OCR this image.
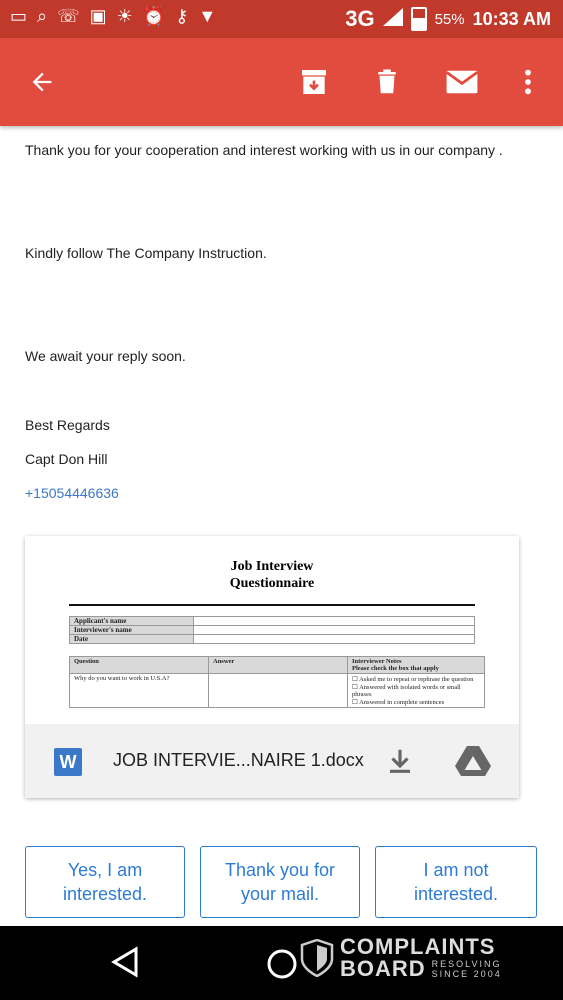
▭ ⌕ ☏ ▣ ☀ ⏰ ⚷ ▼	3G	55% 10:33 AM
Thank you for your cooperation and interest working with us in our company .
Kindly follow The Company Instruction.
We await your reply soon.
Best Regards
Capt Don Hill
+15054446636
Job Interview
Questionnaire
Applicant's name	
Interviewer's name	
Date	
Question	Answer	Interviewer Notes
Please check the box that apply

Why do you want to work in U.S.A?		☐ Asked me to repeat or rephrase the question
☐ Answered with isolated words or small phrases
☐ Answered in complete sentences
W	JOB INTERVIE...NAIRE 1.docx
Yes, I am interested.
Thank you for your mail.
I am not interested.
COMPLAINTS
BOARD RESOLVING
SINCE 2004
